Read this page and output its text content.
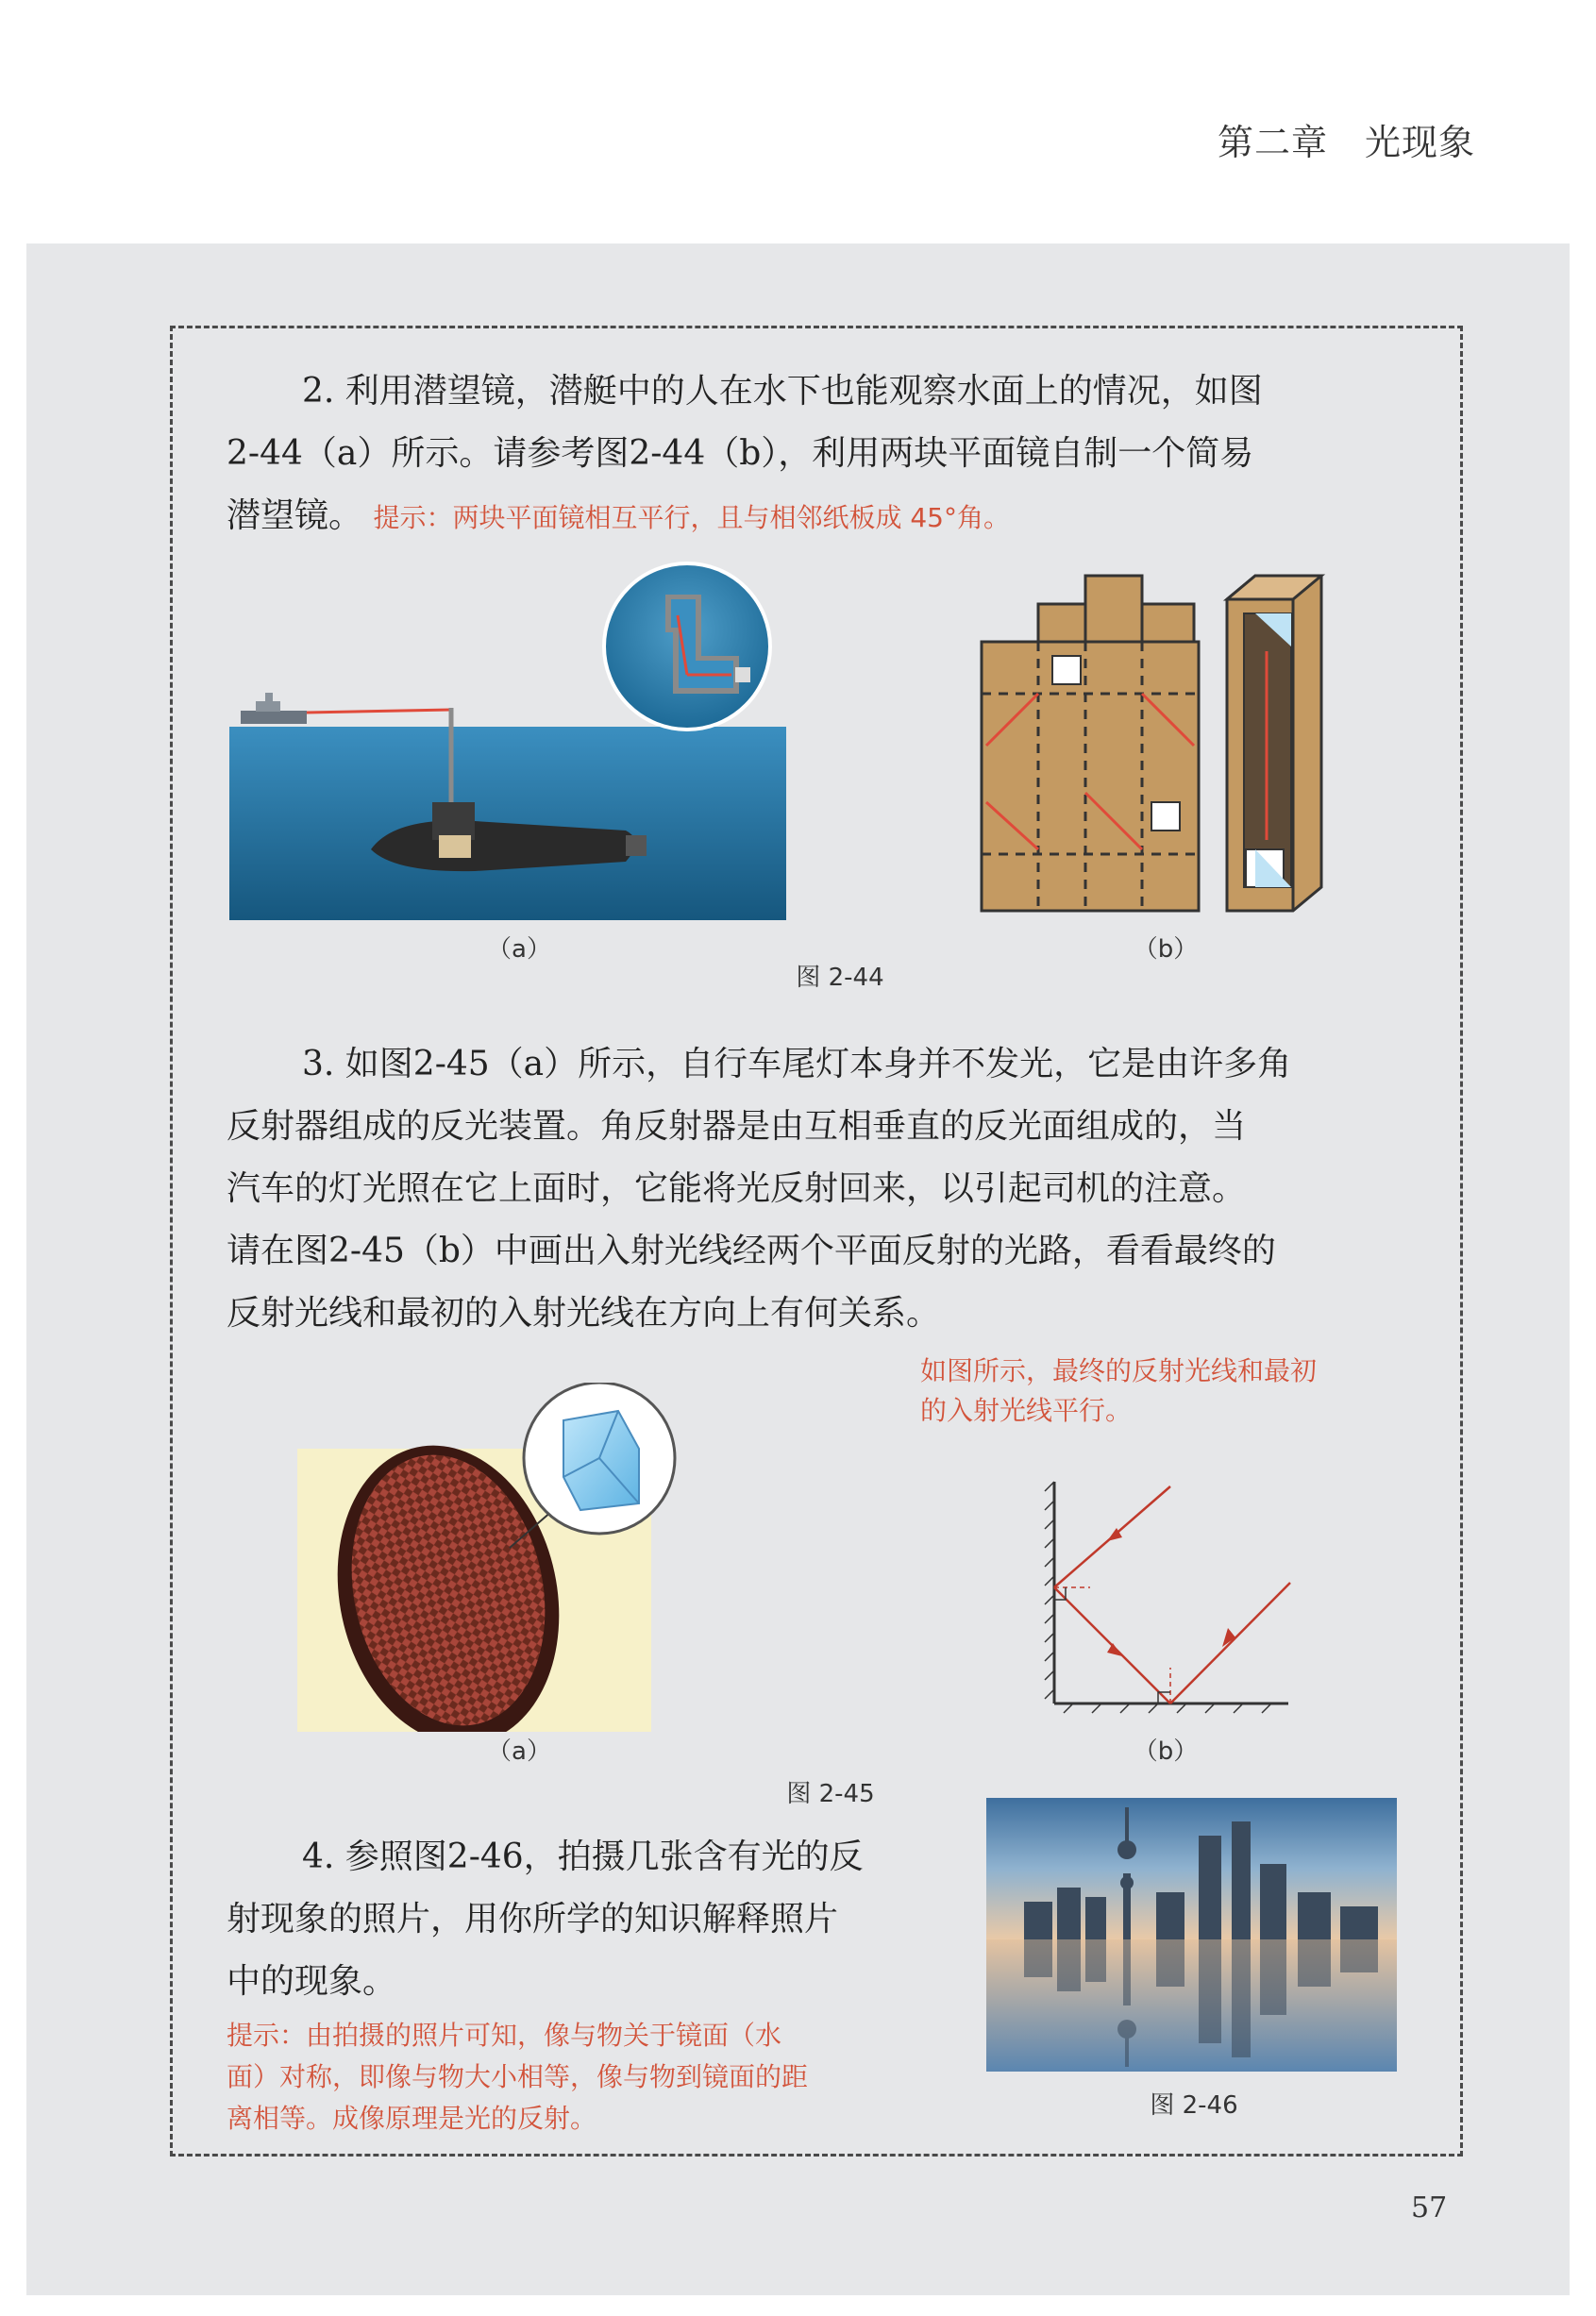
第二章　光现象
2. 利用潜望镜，潜艇中的人在水下也能观察水面上的情况，如图
2-44（a）所示。请参考图2-44（b），利用两块平面镜自制一个简易
潜望镜。 提示：两块平面镜相互平行，且与相邻纸板成 45°角。
（a）	（b）
图 2-44
3. 如图2-45（a）所示，自行车尾灯本身并不发光，它是由许多角
反射器组成的反光装置。角反射器是由互相垂直的反光面组成的，当
汽车的灯光照在它上面时，它能将光反射回来，以引起司机的注意。
请在图2-45（b）中画出入射光线经两个平面反射的光路，看看最终的
反射光线和最初的入射光线在方向上有何关系。
如图所示，最终的反射光线和最初
的入射光线平行。
（a）	（b）
图 2-45
4. 参照图2-46，拍摄几张含有光的反
射现象的照片，用你所学的知识解释照片
中的现象。
提示：由拍摄的照片可知，像与物关于镜面（水
面）对称，即像与物大小相等，像与物到镜面的距
离相等。成像原理是光的反射。	图 2-46
57
